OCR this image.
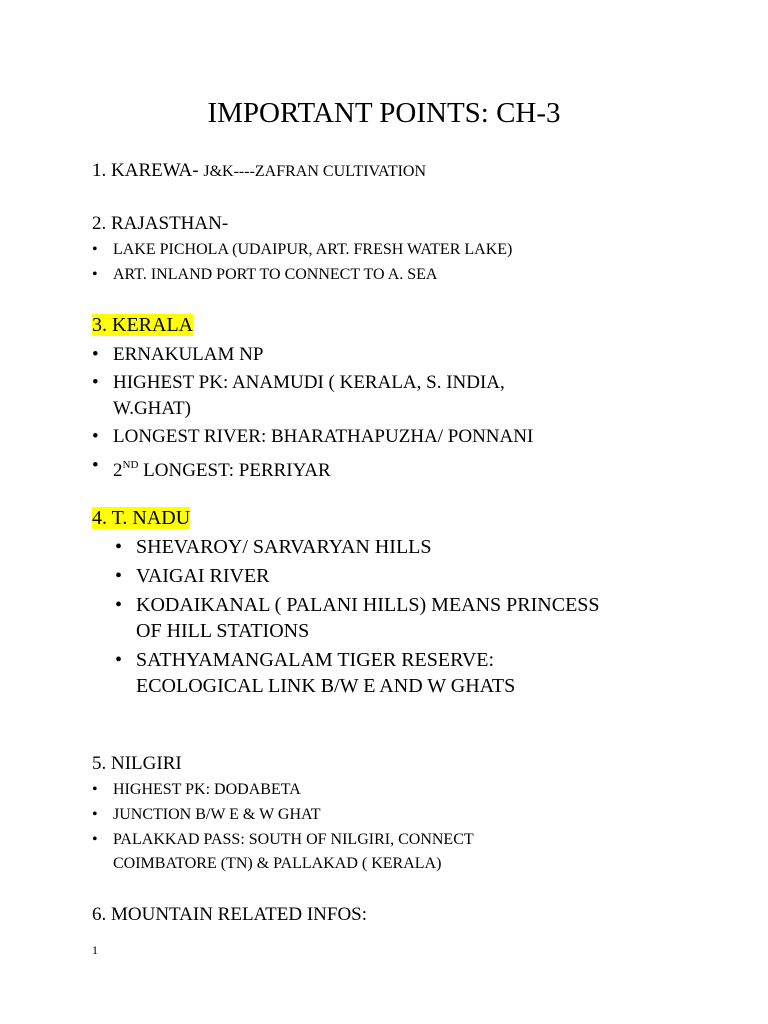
IMPORTANT POINTS: CH-3
1. KAREWA- J&K----ZAFRAN CULTIVATION
2. RAJASTHAN-
• LAKE PICHOLA (UDAIPUR, ART. FRESH WATER LAKE)
• ART. INLAND PORT TO CONNECT TO A. SEA
3. KERALA
• ERNAKULAM NP
• HIGHEST PK: ANAMUDI ( KERALA, S. INDIA,
W.GHAT)
• LONGEST RIVER: BHARATHAPUZHA/ PONNANI
• 2ND LONGEST: PERRIYAR
4. T. NADU
• SHEVAROY/ SARVARYAN HILLS
• VAIGAI RIVER
• KODAIKANAL ( PALANI HILLS) MEANS PRINCESS
OF HILL STATIONS
• SATHYAMANGALAM TIGER RESERVE:
ECOLOGICAL LINK B/W E AND W GHATS
5. NILGIRI
• HIGHEST PK: DODABETA
• JUNCTION B/W E & W GHAT
• PALAKKAD PASS: SOUTH OF NILGIRI, CONNECT
COIMBATORE (TN) & PALLAKAD ( KERALA)
6. MOUNTAIN RELATED INFOS:
1
